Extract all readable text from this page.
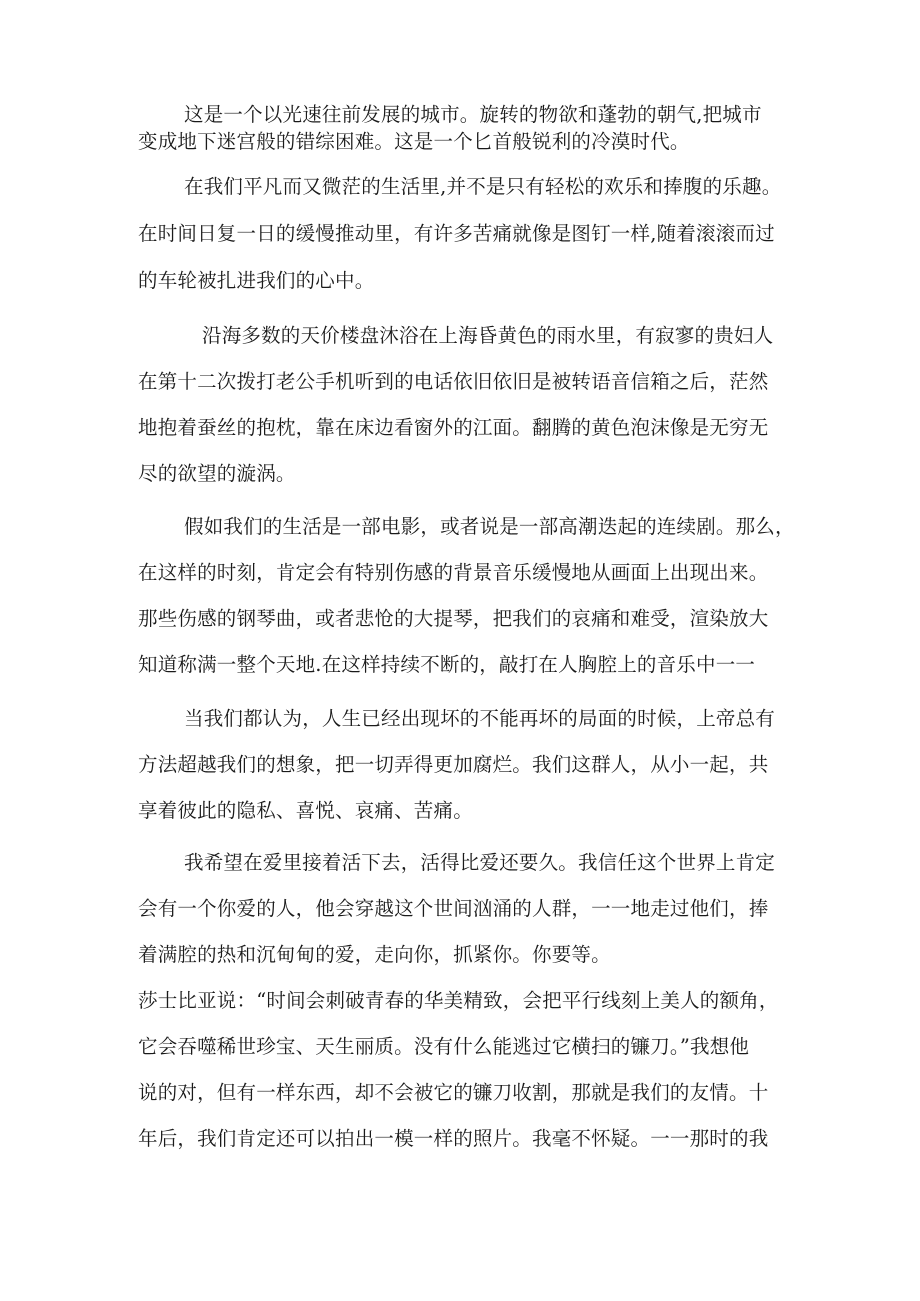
这是一个以光速往前发展的城市。旋转的物欲和蓬勃的朝气,把城市
变成地下迷宫般的错综困难。这是一个匕首般锐利的冷漠时代。
在我们平凡而又微茫的生活里,并不是只有轻松的欢乐和捧腹的乐趣。
在时间日复一日的缓慢推动里，有许多苦痛就像是图钉一样,随着滚滚而过
的车轮被扎进我们的心中。
沿海多数的天价楼盘沐浴在上海昏黄色的雨水里，有寂寥的贵妇人
在第十二次拨打老公手机听到的电话依旧依旧是被转语音信箱之后，茫然
地抱着蚕丝的抱枕，靠在床边看窗外的江面。翻腾的黄色泡沫像是无穷无
尽的欲望的漩涡。
假如我们的生活是一部电影，或者说是一部高潮迭起的连续剧。那么，
在这样的时刻，肯定会有特别伤感的背景音乐缓慢地从画面上出现出来。
那些伤感的钢琴曲，或者悲怆的大提琴，把我们的哀痛和难受，渲染放大
知道称满一整个天地.在这样持续不断的，敲打在人胸腔上的音乐中一一
当我们都认为，人生已经出现坏的不能再坏的局面的时候，上帝总有
方法超越我们的想象，把一切弄得更加腐烂。我们这群人，从小一起，共
享着彼此的隐私、喜悦、哀痛、苦痛。
我希望在爱里接着活下去，活得比爱还要久。我信任这个世界上肯定
会有一个你爱的人，他会穿越这个世间汹涌的人群，一一地走过他们，捧
着满腔的热和沉甸甸的爱，走向你，抓紧你。你要等。
莎士比亚说：“时间会刺破青春的华美精致，会把平行线刻上美人的额角，
它会吞噬稀世珍宝、天生丽质。没有什么能逃过它横扫的镰刀。”我想他
说的对，但有一样东西，却不会被它的镰刀收割，那就是我们的友情。十
年后，我们肯定还可以拍出一模一样的照片。我毫不怀疑。一一那时的我
